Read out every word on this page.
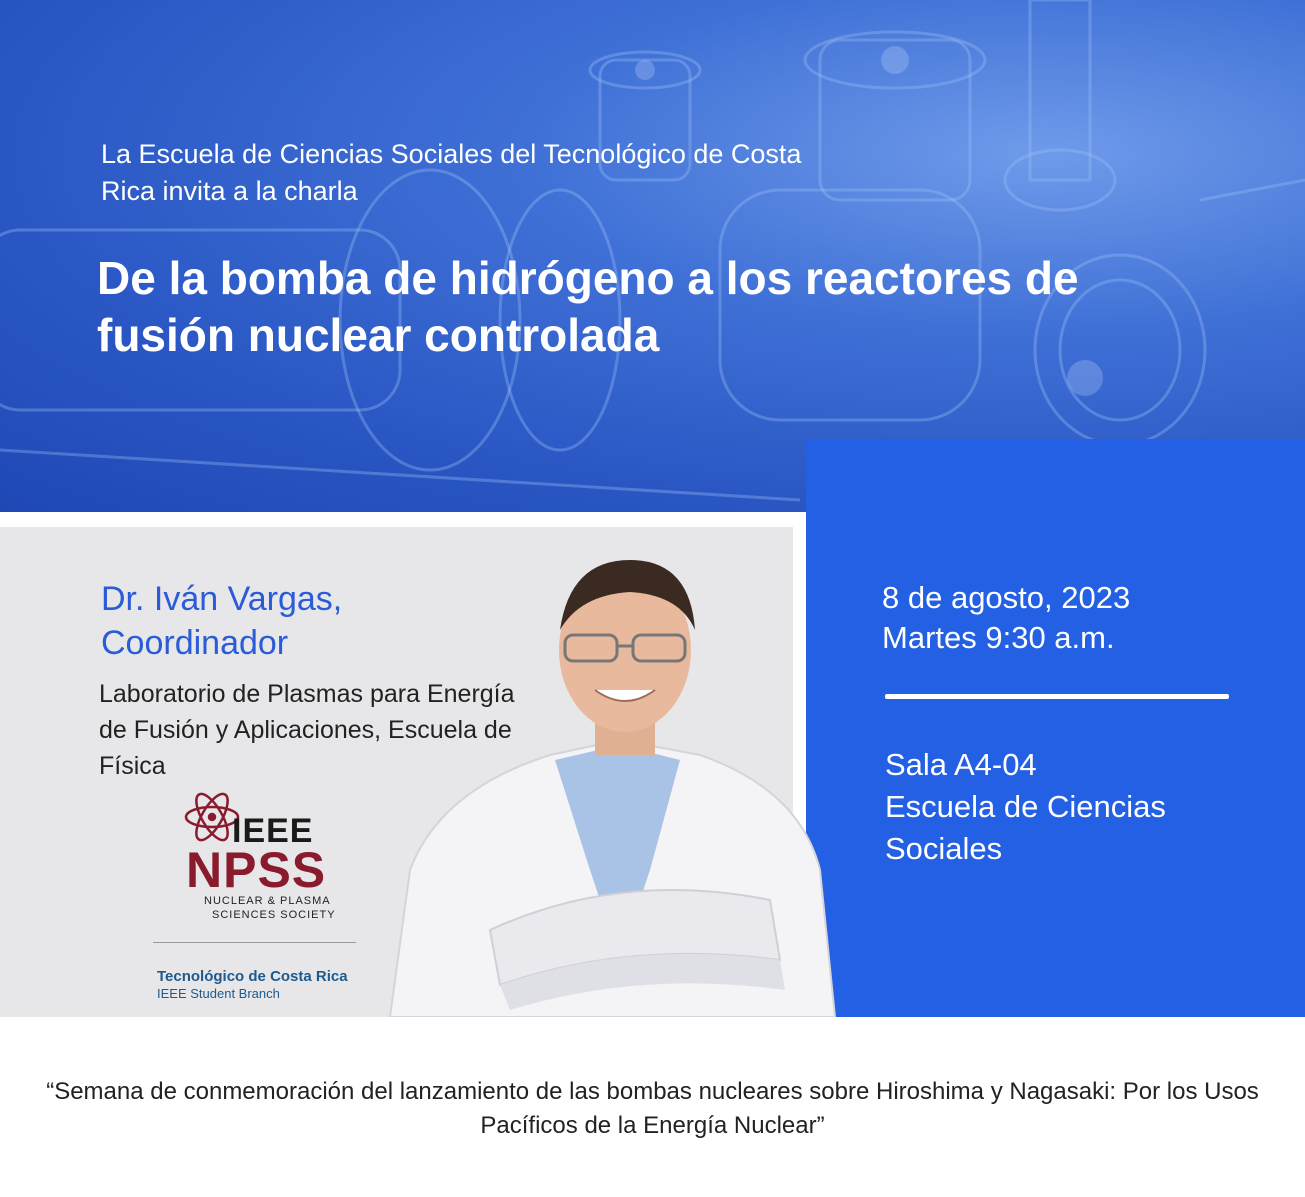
La Escuela de Ciencias Sociales del Tecnológico de Costa Rica invita a la charla
De la bomba de hidrógeno a los reactores de fusión nuclear controlada
Dr. Iván Vargas, Coordinador
Laboratorio de Plasmas para Energía de Fusión y Aplicaciones, Escuela de Física
IEEE
NPSS
NUCLEAR & PLASMA
SCIENCES SOCIETY
Tecnológico de Costa Rica
IEEE Student Branch
8 de agosto, 2023
Martes 9:30 a.m.
Sala A4-04
Escuela de Ciencias Sociales
“Semana de conmemoración del lanzamiento de las bombas nucleares sobre Hiroshima y Nagasaki: Por los Usos Pacíficos de la Energía Nuclear”
